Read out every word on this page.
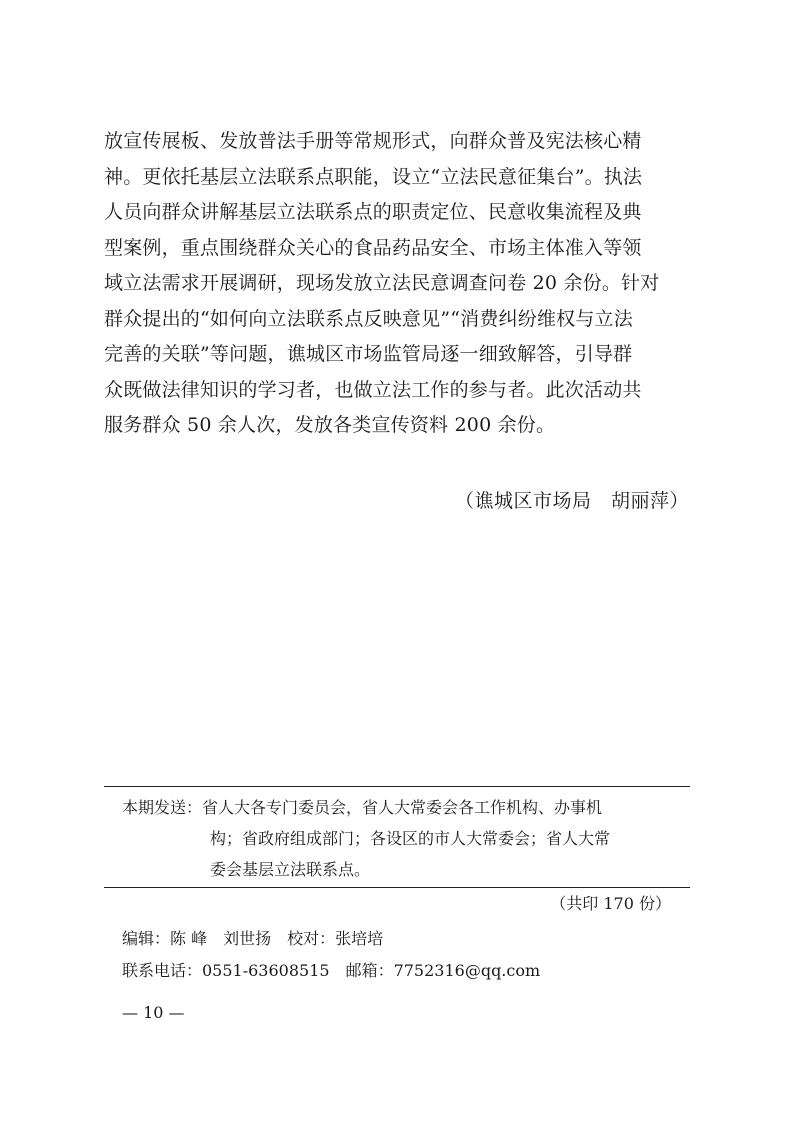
放宣传展板、发放普法手册等常规形式，向群众普及宪法核心精
神。更依托基层立法联系点职能，设立“立法民意征集台”。执法
人员向群众讲解基层立法联系点的职责定位、民意收集流程及典
型案例，重点围绕群众关心的食品药品安全、市场主体准入等领
域立法需求开展调研，现场发放立法民意调查问卷 20 余份。针对
群众提出的“如何向立法联系点反映意见”“消费纠纷维权与立法
完善的关联”等问题，谯城区市场监管局逐一细致解答，引导群
众既做法律知识的学习者，也做立法工作的参与者。此次活动共
服务群众 50 余人次，发放各类宣传资料 200 余份。
（谯城区市场局　胡丽萍）
本期发送：省人大各专门委员会，省人大常委会各工作机构、办事机
构；省政府组成部门；各设区的市人大常委会；省人大常
委会基层立法联系点。
（共印 170 份）
编辑：陈 峰　刘世扬　校对：张培培
联系电话：0551-63608515　邮箱：7752316@qq.com
— 10 —
